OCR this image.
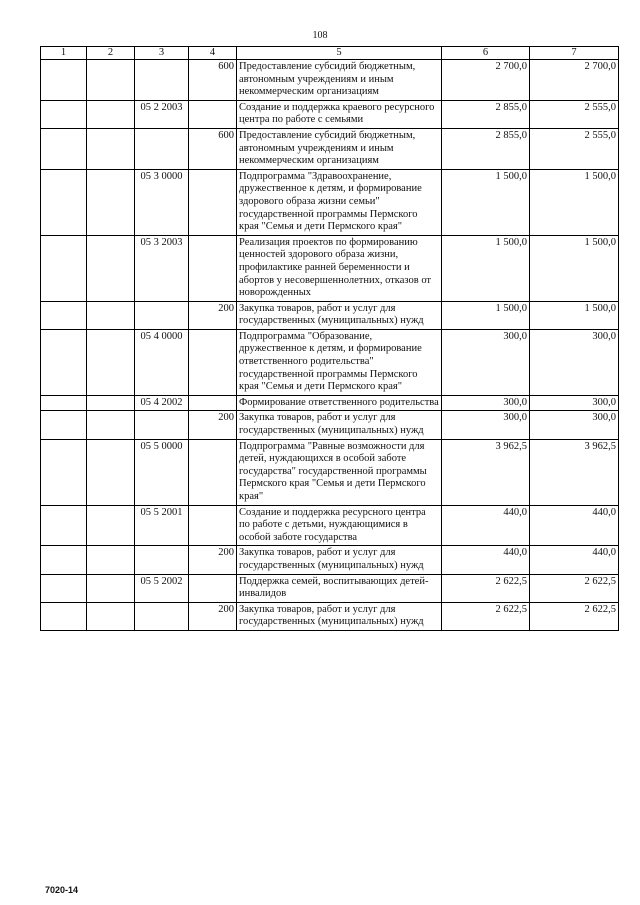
108
1	2	3	4	5	6	7
			600	Предоставление субсидий бюджетным, автономным учреждениям и иным некоммерческим организациям	2 700,0	2 700,0
		05 2 2003		Создание и поддержка краевого ресурсного центра по работе с семьями	2 855,0	2 555,0
			600	Предоставление субсидий бюджетным, автономным учреждениям и иным некоммерческим организациям	2 855,0	2 555,0
		05 3 0000		Подпрограмма "Здравоохранение, дружественное к детям, и формирование здорового образа жизни семьи" государственной программы Пермского края "Семья и дети Пермского края"	1 500,0	1 500,0
		05 3 2003		Реализация проектов по формированию ценностей здорового образа жизни, профилактике ранней беременности и абортов у несовершеннолетних, отказов от новорожденных	1 500,0	1 500,0
			200	Закупка товаров, работ и услуг для государственных (муниципальных) нужд	1 500,0	1 500,0
		05 4 0000		Подпрограмма "Образование, дружественное к детям, и формирование ответственного родительства" государственной программы Пермского края "Семья и дети Пермского края"	300,0	300,0
		05 4 2002		Формирование ответственного родительства	300,0	300,0
			200	Закупка товаров, работ и услуг для государственных (муниципальных) нужд	300,0	300,0
		05 5 0000		Подпрограмма "Равные возможности для детей, нуждающихся в особой заботе государства" государственной программы Пермского края "Семья и дети Пермского края"	3 962,5	3 962,5
		05 5 2001		Создание и поддержка ресурсного центра по работе с детьми, нуждающимися в особой заботе государства	440,0	440,0
			200	Закупка товаров, работ и услуг для государственных (муниципальных) нужд	440,0	440,0
		05 5 2002		Поддержка семей, воспитывающих детей-инвалидов	2 622,5	2 622,5
			200	Закупка товаров, работ и услуг для государственных (муниципальных) нужд	2 622,5	2 622,5
7020-14
